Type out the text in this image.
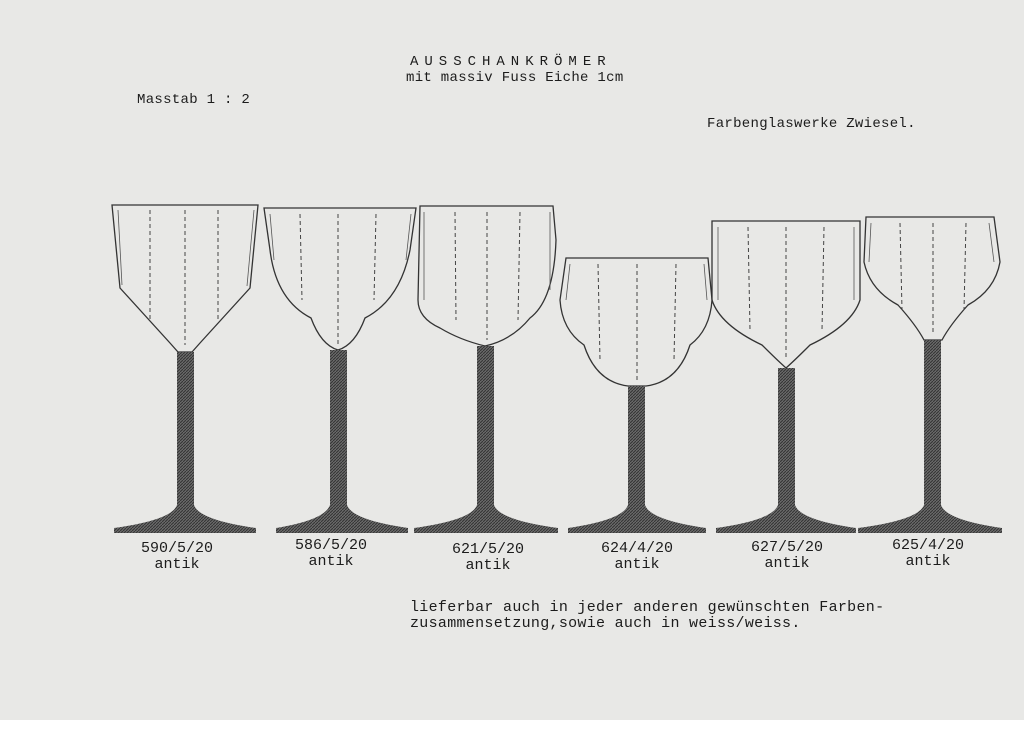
AUSSCHANKRÖMER
mit massiv Fuss Eiche 1cm
Masstab 1 : 2
Farbenglaswerke Zwiesel.
590/5/20
antik
586/5/20
antik
621/5/20
antik
624/4/20
antik
627/5/20
antik
625/4/20
antik
lieferbar auch in jeder anderen gewünschten Farben-
zusammensetzung,sowie auch in weiss/weiss.
